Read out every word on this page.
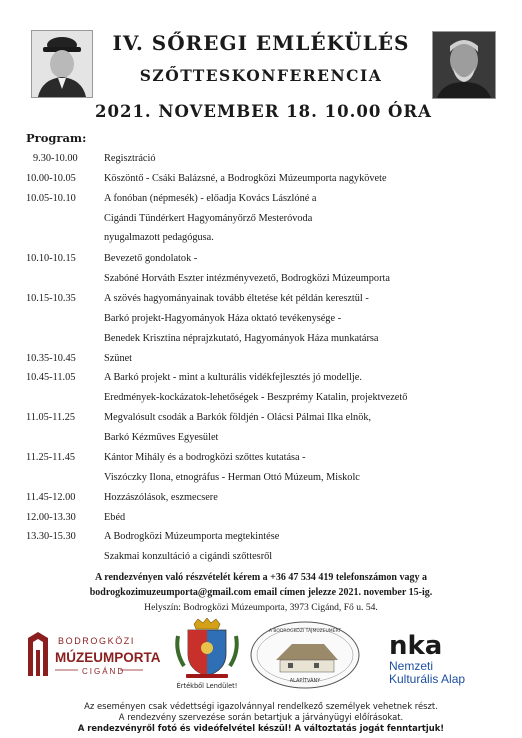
IV. SŐREGI EMLÉKÜLÉS
SZŐTTESKONFERENCIA
2021. NOVEMBER 18. 10.00 ÓRA
Program:
9.30-10.00	Regisztráció
10.00-10.05	Köszöntő - Csáki Balázsné, a Bodrogközi Múzeumporta nagykövete
10.05-10.10	A fonóban (népmesék) - előadja Kovács Lászlóné a
Cigándi Tündérkert Hagyományőrző Mesteróvoda
nyugalmazott pedagógusa.
10.10-10.15	Bevezető gondolatok -
Szabóné Horváth Eszter intézményvezető, Bodrogközi Múzeumporta
10.15-10.35	A szövés hagyományainak tovább éltetése két példán keresztül -
Barkó projekt-Hagyományok Háza oktató tevékenysége -
Benedek Krisztina néprajzkutató, Hagyományok Háza munkatársa
10.35-10.45	Szünet
10.45-11.05	A Barkó projekt - mint a kulturális vidékfejlesztés jó modellje.
Eredmények-kockázatok-lehetőségek - Beszprémy Katalin, projektvezető
11.05-11.25	Megvalósult csodák a Barkók földjén - Olácsi Pálmai Ilka elnök,
Barkó Kézműves Egyesület
11.25-11.45	Kántor Mihály és a bodrogközi szőttes kutatása -
Viszóczky Ilona, etnográfus - Herman Ottó Múzeum, Miskolc
11.45-12.00	Hozzászólások, eszmecsere
12.00-13.30	Ebéd
13.30-15.30	A Bodrogközi Múzeumporta megtekintése
Szakmai konzultáció a cigándi szőttesről
A rendezvényen való részvételét kérem a +36 47 534 419 telefonszámon vagy a
bodrogkozimuzeumporta@gmail.com email címen jelezze 2021. november 15-ig.
Helyszín: Bodrogközi Múzeumporta, 3973 Cigánd, Fő u. 54.
BODROGKÖZI
MÚZEUMPORTA
CIGÁND
Értékből Lendület!
A BODROGKÖZI TÁJMÚZEUMÉRT
ALAPÍTVÁNY
nka
Nemzeti
Kulturális Alap
Az eseményen csak védettségi igazolvánnyal rendelkező személyek vehetnek részt.
A rendezvény szervezése során betartjuk a járványügyi előírásokat.
A rendezvényről fotó és videófelvétel készül! A változtatás jogát fenntartjuk!
